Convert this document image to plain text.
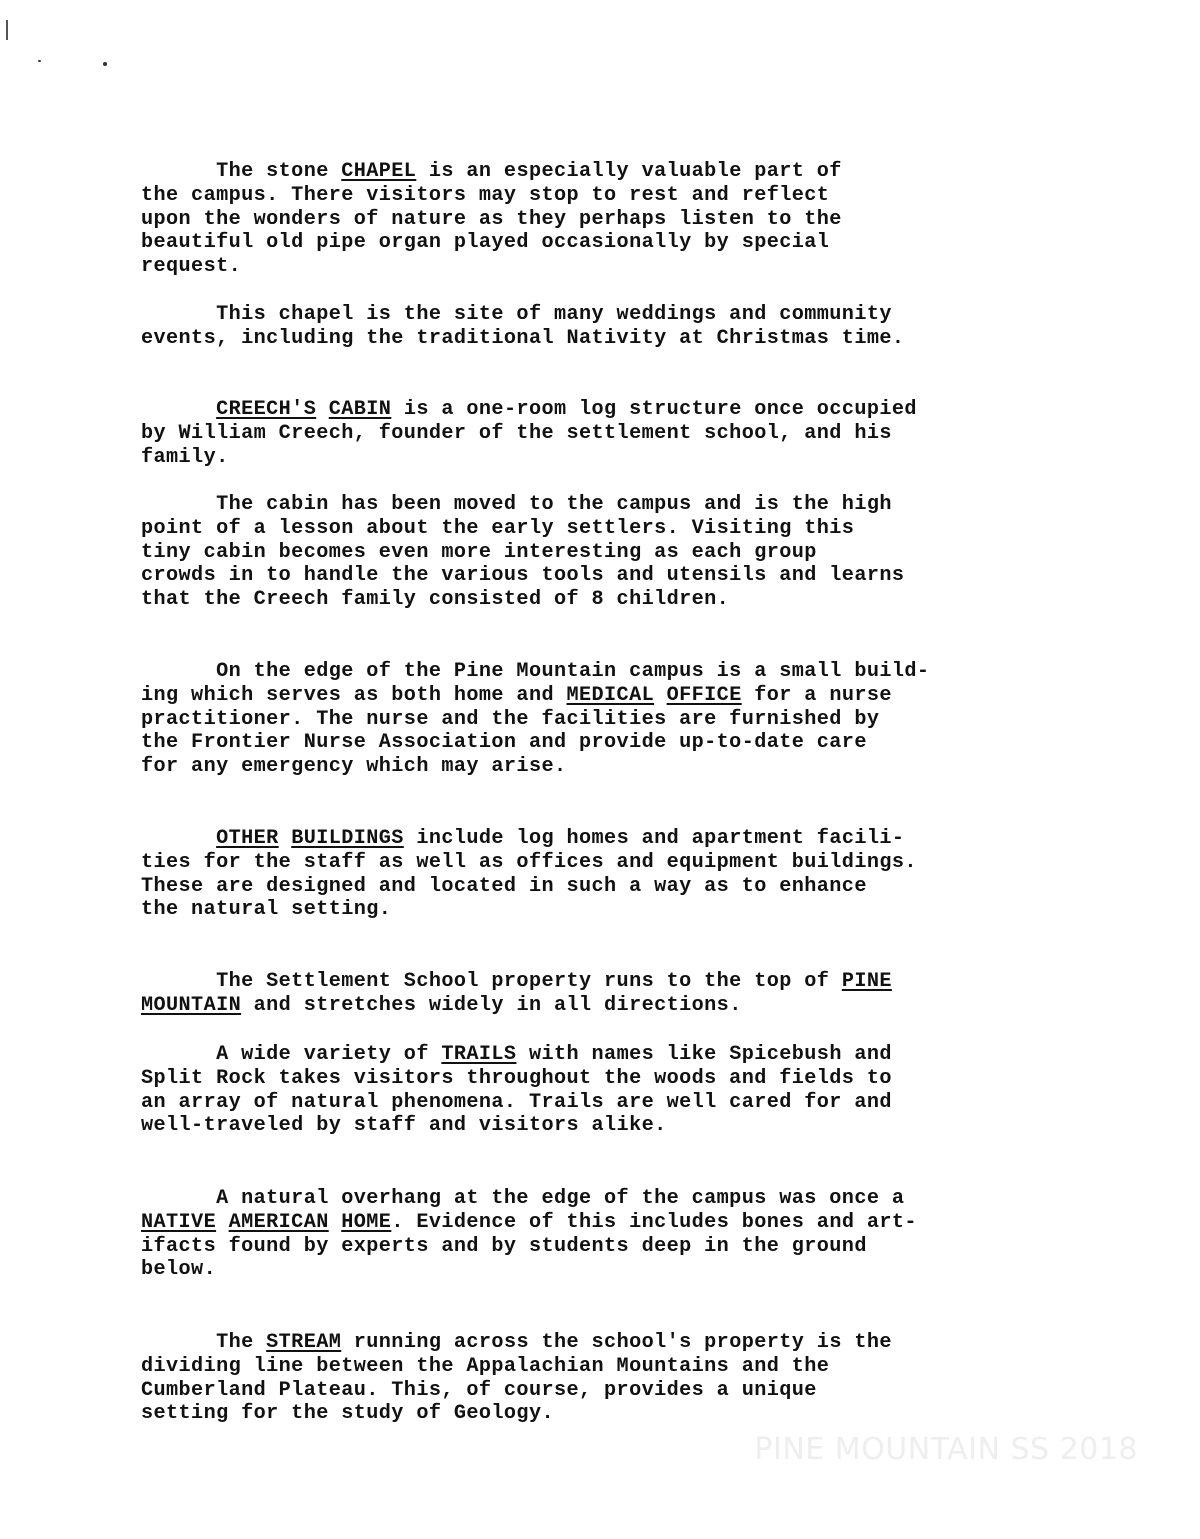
The stone CHAPEL is an especially valuable part of
the campus. There visitors may stop to rest and reflect
upon the wonders of nature as they perhaps listen to the
beautiful old pipe organ played occasionally by special
request.
This chapel is the site of many weddings and community
events, including the traditional Nativity at Christmas time.
CREECH'S CABIN is a one-room log structure once occupied
by William Creech, founder of the settlement school, and his
family.
The cabin has been moved to the campus and is the high
point of a lesson about the early settlers. Visiting this
tiny cabin becomes even more interesting as each group
crowds in to handle the various tools and utensils and learns
that the Creech family consisted of 8 children.
On the edge of the Pine Mountain campus is a small build-
ing which serves as both home and MEDICAL OFFICE for a nurse
practitioner. The nurse and the facilities are furnished by
the Frontier Nurse Association and provide up-to-date care
for any emergency which may arise.
OTHER BUILDINGS include log homes and apartment facili-
ties for the staff as well as offices and equipment buildings.
These are designed and located in such a way as to enhance
the natural setting.
The Settlement School property runs to the top of PINE
MOUNTAIN and stretches widely in all directions.
A wide variety of TRAILS with names like Spicebush and
Split Rock takes visitors throughout the woods and fields to
an array of natural phenomena. Trails are well cared for and
well-traveled by staff and visitors alike.
A natural overhang at the edge of the campus was once a
NATIVE AMERICAN HOME. Evidence of this includes bones and art-
ifacts found by experts and by students deep in the ground
below.
The STREAM running across the school's property is the
dividing line between the Appalachian Mountains and the
Cumberland Plateau. This, of course, provides a unique
setting for the study of Geology.
PINE MOUNTAIN SS 2018
